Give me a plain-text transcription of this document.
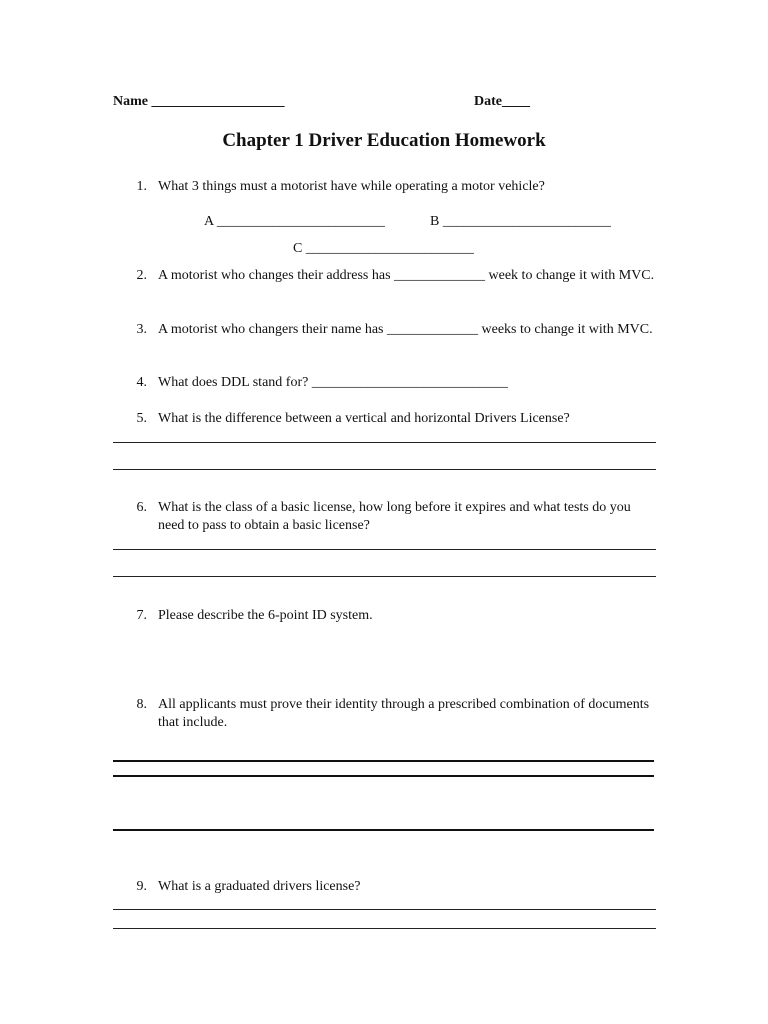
Name ___________________	Date____
Chapter 1 Driver Education Homework
1. What 3 things must a motorist have while operating a motor vehicle?
A ________________________	B ________________________
C ________________________
2. A motorist who changes their address has _____________ week to change it with MVC.
3. A motorist who changers their name has _____________ weeks to change it with MVC.
4. What does DDL stand for? ____________________________
5. What is the difference between a vertical and horizontal Drivers License?
6. What is the class of a basic license, how long before it expires and what tests do you need to pass to obtain a basic license?
7. Please describe the 6-point ID system.
8. All applicants must prove their identity through a prescribed combination of documents that include.
9. What is a graduated drivers license?
